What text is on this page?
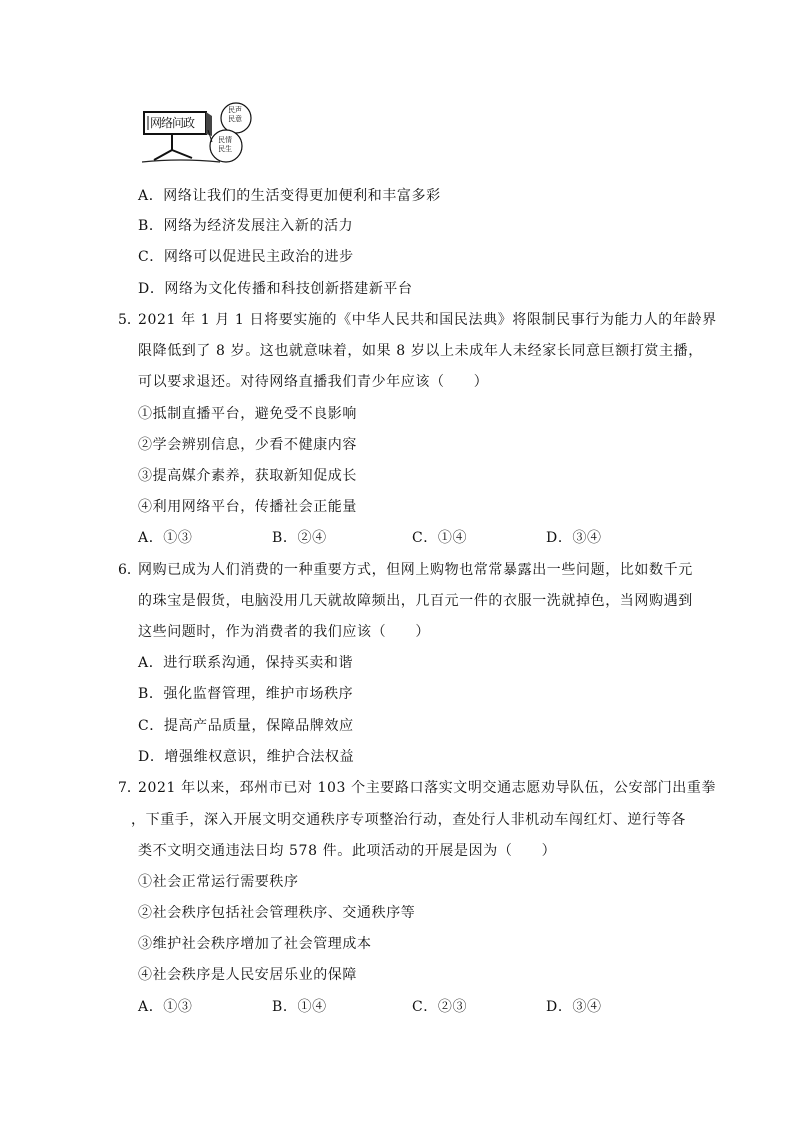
网络问政
民声民意
民情民生
A．网络让我们的生活变得更加便利和丰富多彩
B．网络为经济发展注入新的活力
C．网络可以促进民主政治的进步
D．网络为文化传播和科技创新搭建新平台
5．
2021 年 1 月 1 日将要实施的《中华人民共和国民法典》将限制民事行为能力人的年龄界
限降低到了 8 岁。这也就意味着，如果 8 岁以上未成年人未经家长同意巨额打赏主播，
可以要求退还。对待网络直播我们青少年应该（　　）
①抵制直播平台，避免受不良影响
②学会辨别信息，少看不健康内容
③提高媒介素养，获取新知促成长
④利用网络平台，传播社会正能量
A．①③	B．②④	C．①④	D．③④
6．
网购已成为人们消费的一种重要方式，但网上购物也常常暴露出一些问题，比如数千元
的珠宝是假货，电脑没用几天就故障频出，几百元一件的衣服一洗就掉色，当网购遇到
这些问题时，作为消费者的我们应该（　　）
A．进行联系沟通，保持买卖和谐
B．强化监督管理，维护市场秩序
C．提高产品质量，保障品牌效应
D．增强维权意识，维护合法权益
7．
2021 年以来，邳州市已对 103 个主要路口落实文明交通志愿劝导队伍，公安部门出重拳
，下重手，深入开展文明交通秩序专项整治行动，查处行人非机动车闯红灯、逆行等各
类不文明交通违法日均 578 件。此项活动的开展是因为（　　）
①社会正常运行需要秩序
②社会秩序包括社会管理秩序、交通秩序等
③维护社会秩序增加了社会管理成本
④社会秩序是人民安居乐业的保障
A．①③	B．①④	C．②③	D．③④
